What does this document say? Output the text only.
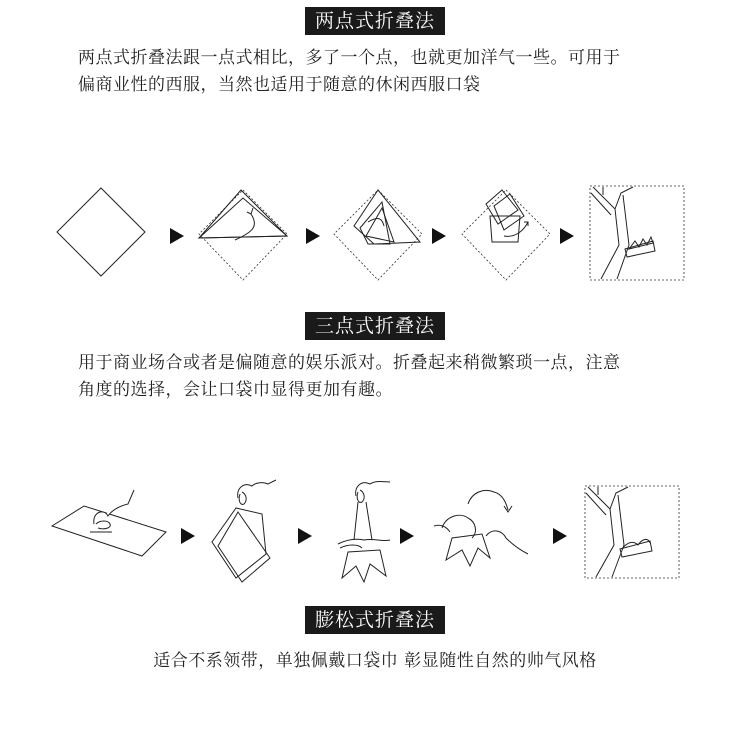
两点式折叠法
两点式折叠法跟一点式相比，多了一个点，也就更加洋气一些。可用于
偏商业性的西服，当然也适用于随意的休闲西服口袋
三点式折叠法
用于商业场合或者是偏随意的娱乐派对。折叠起来稍微繁琐一点，注意
角度的选择，会让口袋巾显得更加有趣。
膨松式折叠法
适合不系领带，单独佩戴口袋巾 彰显随性自然的帅气风格
